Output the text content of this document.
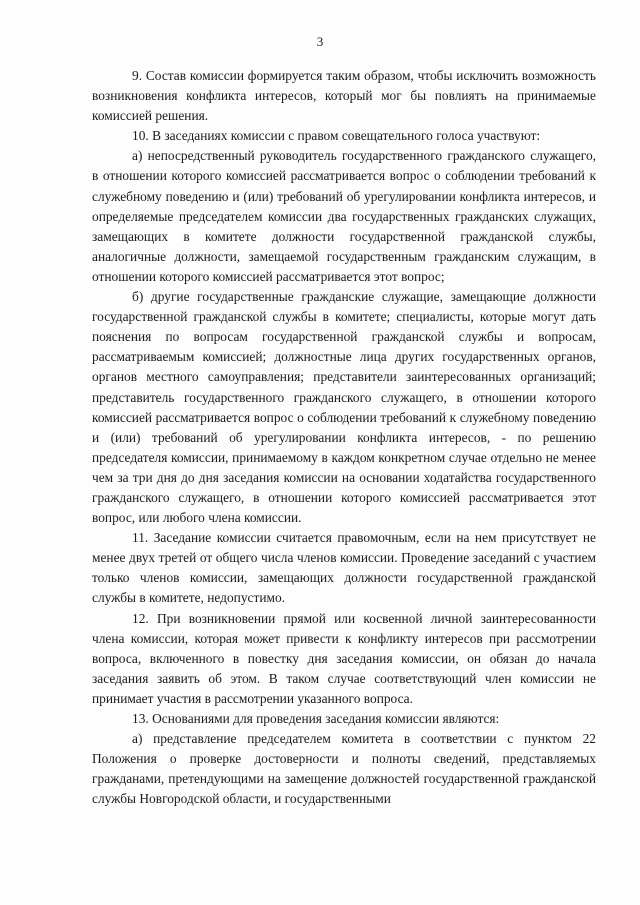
3

9. Состав комиссии формируется таким образом, чтобы исключить возможность возникновения конфликта интересов, который мог бы повлиять на принимаемые комиссией решения.

10. В заседаниях комиссии с правом совещательного голоса участвуют:

а) непосредственный руководитель государственного гражданского служащего, в отношении которого комиссией рассматривается вопрос о соблюдении требований к служебному поведению и (или) требований об урегулировании конфликта интересов, и определяемые председателем комиссии два государственных гражданских служащих, замещающих в комитете должности государственной гражданской службы, аналогичные должности, замещаемой государственным гражданским служащим, в отношении которого комиссией рассматривается этот вопрос;

б) другие государственные гражданские служащие, замещающие должности государственной гражданской службы в комитете; специалисты, которые могут дать пояснения по вопросам государственной гражданской службы и вопросам, рассматриваемым комиссией; должностные лица других государственных органов, органов местного самоуправления; представители заинтересованных организаций; представитель государственного гражданского служащего, в отношении которого комиссией рассматривается вопрос о соблюдении требований к служебному поведению и (или) требований об урегулировании конфликта интересов, - по решению председателя комиссии, принимаемому в каждом конкретном случае отдельно не менее чем за три дня до дня заседания комиссии на основании ходатайства государственного гражданского служащего, в отношении которого комиссией рассматривается этот вопрос, или любого члена комиссии.

11. Заседание комиссии считается правомочным, если на нем присутствует не менее двух третей от общего числа членов комиссии. Проведение заседаний с участием только членов комиссии, замещающих должности государственной гражданской службы в комитете, недопустимо.

12. При возникновении прямой или косвенной личной заинтересованности члена комиссии, которая может привести к конфликту интересов при рассмотрении вопроса, включенного в повестку дня заседания комиссии, он обязан до начала заседания заявить об этом. В таком случае соответствующий член комиссии не принимает участия в рассмотрении указанного вопроса.

13. Основаниями для проведения заседания комиссии являются:

а) представление председателем комитета в соответствии с пунктом 22 Положения о проверке достоверности и полноты сведений, представляемых гражданами, претендующими на замещение должностей государственной гражданской службы Новгородской области, и государственными
